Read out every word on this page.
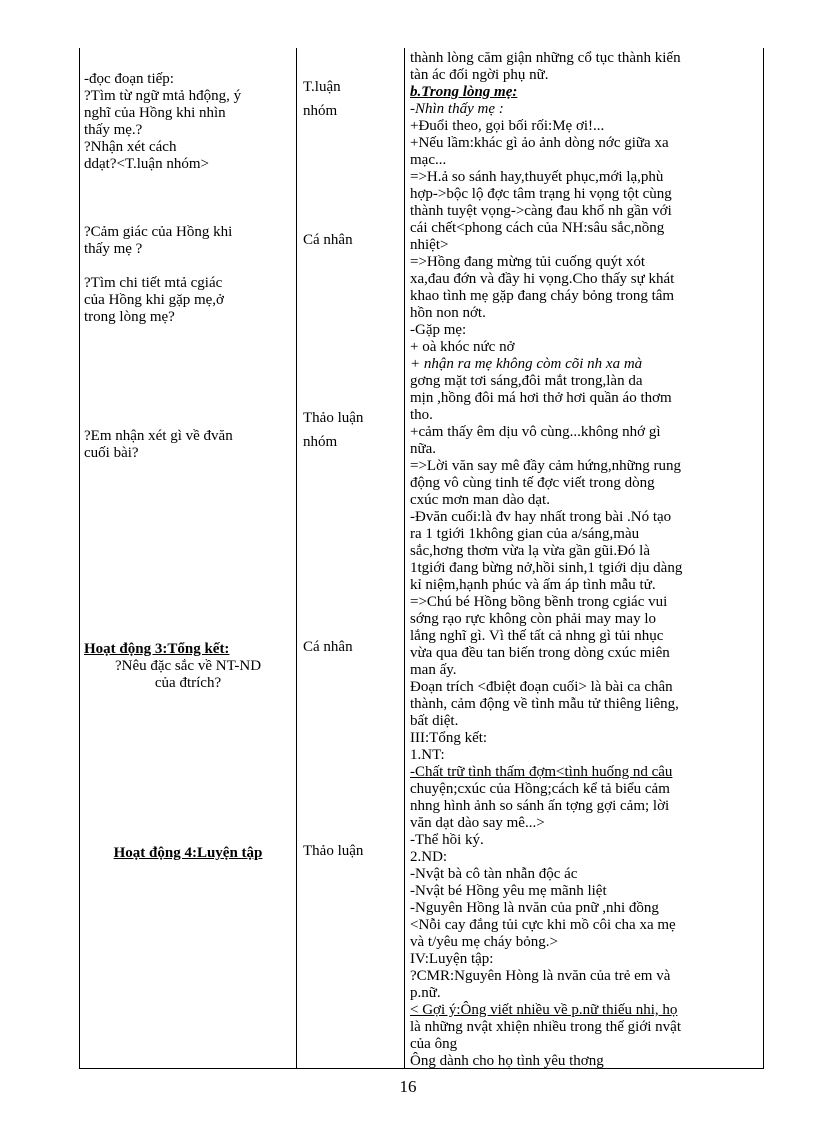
-đọc đoạn tiếp:
?Tìm từ ngữ mtả hđộng, ý
nghĩ của Hồng khi nhìn
thấy mẹ.?
?Nhận xét cách
ddạt?<T.luận nhóm>
?Cảm giác của Hồng khi
thấy mẹ ?
?Tìm chi tiết mtả cgiác
của Hồng khi gặp mẹ,ở
trong lòng mẹ?
?Em nhận xét gì về đvăn
cuối bài?
Hoạt động 3:Tổng kết:
?Nêu đặc sắc về NT-ND
của đtrích?
Hoạt động 4:Luyện tập
T.luận
nhóm
Cá nhân
Thảo luận
nhóm
Cá nhân
Thảo luận
thành lòng căm giận những cổ tục thành kiến
tàn ác đối ngời phụ nữ.
b.Trong lòng mẹ:
-Nhìn thấy mẹ :
+Đuổi theo, gọi bối rối:Mẹ ơi!...
+Nếu lầm:khác gì ảo ảnh dòng nớc giữa xa
mạc...
=>H.ả so sánh hay,thuyết phục,mới lạ,phù
hợp->bộc lộ đợc tâm trạng hi vọng tột cùng
thành tuyệt vọng->càng đau khổ nh gần với
cái chết<phong cách của NH:sâu sắc,nồng
nhiệt>
=>Hồng đang mừng tủi cuống quýt xót
xa,đau đớn và đầy hi vọng.Cho thấy sự khát
khao tình mẹ gặp đang cháy bỏng trong tâm
hồn non nớt.
-Gặp mẹ:
+ oà khóc nức nở
+ nhận ra mẹ không còm cõi nh xa mà
gơng mặt tơi sáng,đôi mắt trong,làn da
mịn ,hồng đôi má hơi thở hơi quần áo thơm
tho.
+cảm thấy êm dịu vô cùng...không nhớ gì
nữa.
=>Lời văn say mê đầy cảm hứng,những rung
động vô cùng tinh tế đợc viết trong dòng
cxúc mơn man dào dạt.
-Đvăn cuối:là đv hay nhất trong bài .Nó tạo
ra 1 tgiới 1không gian của a/sáng,màu
sắc,hơng thơm vừa lạ vừa gần gũi.Đó là
1tgiới đang bừng nở,hồi sinh,1 tgiới dịu dàng
kỉ niệm,hạnh phúc và ấm áp tình mẫu tử.
=>Chú bé Hồng bồng bềnh trong cgiác vui
sớng rạo rực không còn phải may may lo
lắng nghĩ gì. Vì thế tất cả nhng gì tủi nhục
vừa qua đều tan biến trong dòng cxúc miên
man ấy.
Đoạn trích <đbiệt đoạn cuối> là bài ca chân
thành, cảm động về tình mẫu tử thiêng liêng,
bất diệt.
III:Tổng kết:
1.NT:
-Chất trữ tình thấm đợm<tình huống nd câu
chuyện;cxúc của Hồng;cách kể tả biểu cảm
nhng hình ảnh so sánh ấn tợng gợi cảm; lời
văn dạt dào say mê...>
-Thể hồi ký.
2.ND:
-Nvật bà cô tàn nhẫn độc ác
-Nvật bé Hồng yêu mẹ mãnh liệt
-Nguyên Hồng là nvăn của pnữ ,nhi đồng
<Nỗi cay đắng tủi cực khi mồ côi cha xa mẹ
và t/yêu mẹ cháy bỏng.>
IV:Luyện tập:
?CMR:Nguyên Hòng là nvăn của trẻ em và
p.nữ.
< Gợi ý:Ông viết nhiều về p.nữ thiếu nhi, họ
là những nvật xhiện nhiều trong thế giới nvật
của ông
Ông dành cho họ tình yêu thơng
16
